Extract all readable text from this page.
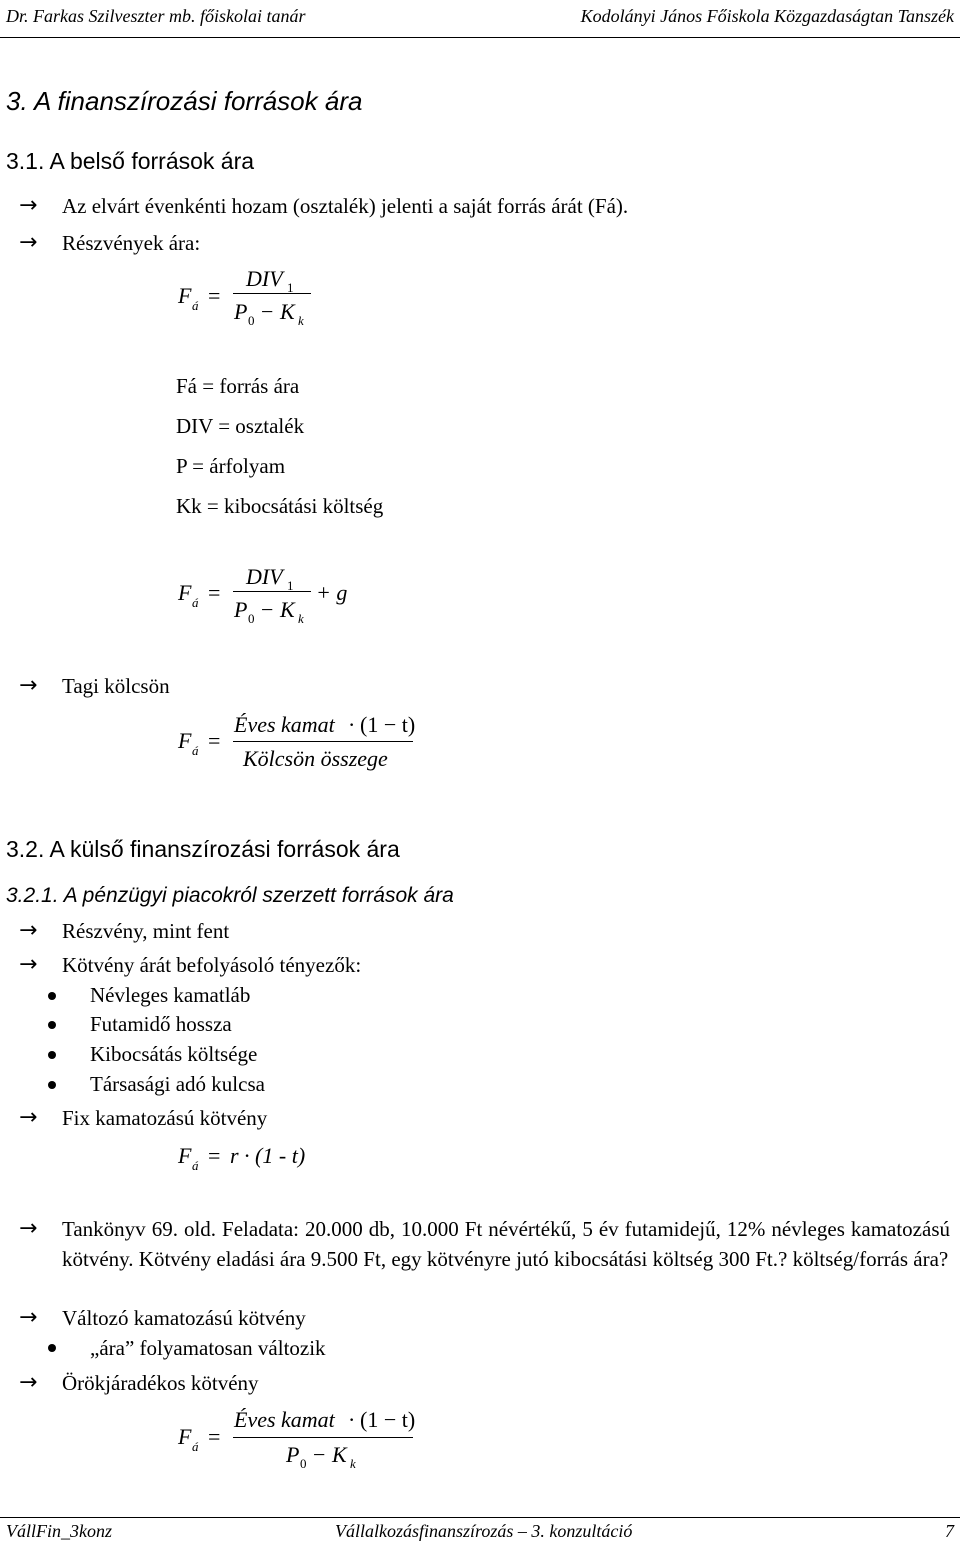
Dr. Farkas Szilveszter mb. főiskolai tanár	Kodolányi János Főiskola Közgazdaságtan Tanszék
3. A finanszírozási források ára
3.1. A belső források ára
→ Az elvárt évenkénti hozam (osztalék) jelenti a saját forrás árát (Fá).
→ Részvények ára:
F á =
DIV 1
P 0 − K k
Fá = forrás ára
DIV = osztalék
P = árfolyam
Kk = kibocsátási költség
F á =
DIV 1
P 0 − K k
+ g
→ Tagi kölcsön
F á =
Éves kamat · (1 − t)
Kölcsön összege
3.2. A külső finanszírozási források ára
3.2.1. A pénzügyi piacokról szerzett források ára
→ Részvény, mint fent
→ Kötvény árát befolyásoló tényezők:
Névleges kamatláb
Futamidő hossza
Kibocsátás költsége
Társasági adó kulcsa
→ Fix kamatozású kötvény
F á = r · (1 - t)
→ Tankönyv 69. old. Feladata: 20.000 db, 10.000 Ft névértékű, 5 év futamidejű, 12% névleges kamatozású kötvény. Kötvény eladási ára 9.500 Ft, egy kötvényre jutó kibocsátási költség 300 Ft.? költség/forrás ára?
→ Változó kamatozású kötvény
„ára” folyamatosan változik
→ Örökjáradékos kötvény
F á =
Éves kamat · (1 − t)
P 0 − K k
VállFin_3konz	Vállalkozásfinanszírozás – 3. konzultáció	7
